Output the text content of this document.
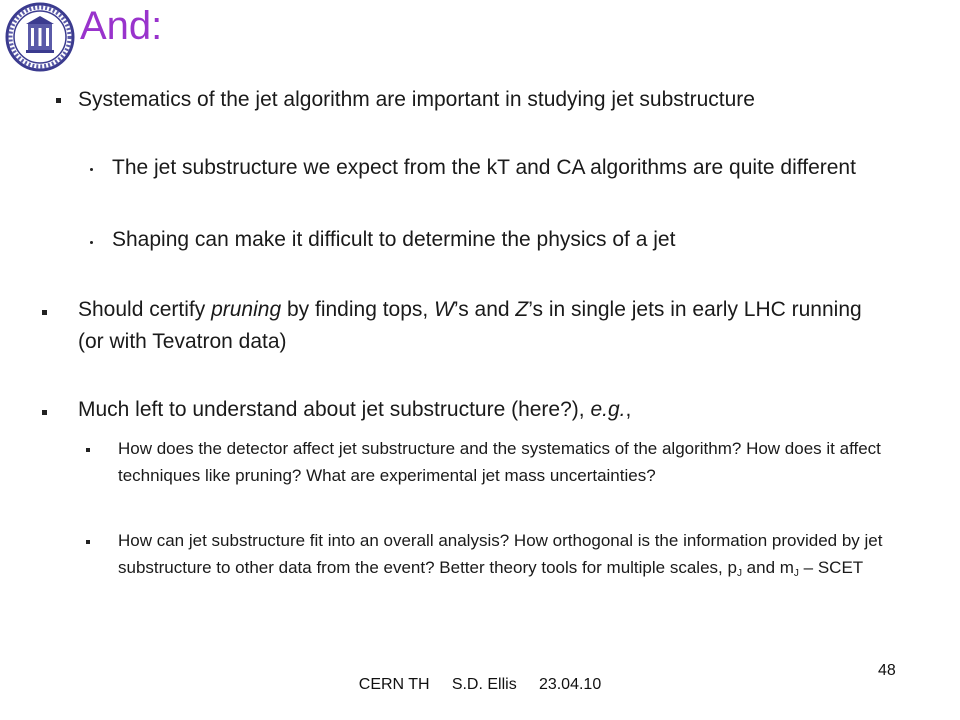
And:
Systematics of the jet algorithm are important in studying jet substructure
The jet substructure we expect from the kT and CA algorithms are quite different
Shaping can make it difficult to determine the physics of a jet
Should certify pruning by finding tops, W’s and Z’s in single jets in early LHC running (or with Tevatron data)
Much left to understand about jet substructure (here?), e.g.,
How does the detector affect jet substructure and the systematics of the algorithm? How does it affect techniques like pruning? What are experimental jet mass uncertainties?
How can jet substructure fit into an overall analysis? How orthogonal is the information provided by jet substructure to other data from the event? Better theory tools for multiple scales, $p_J$ and $m_J$ – SCET
CERN TH     S.D. Ellis     23.04.10
48
